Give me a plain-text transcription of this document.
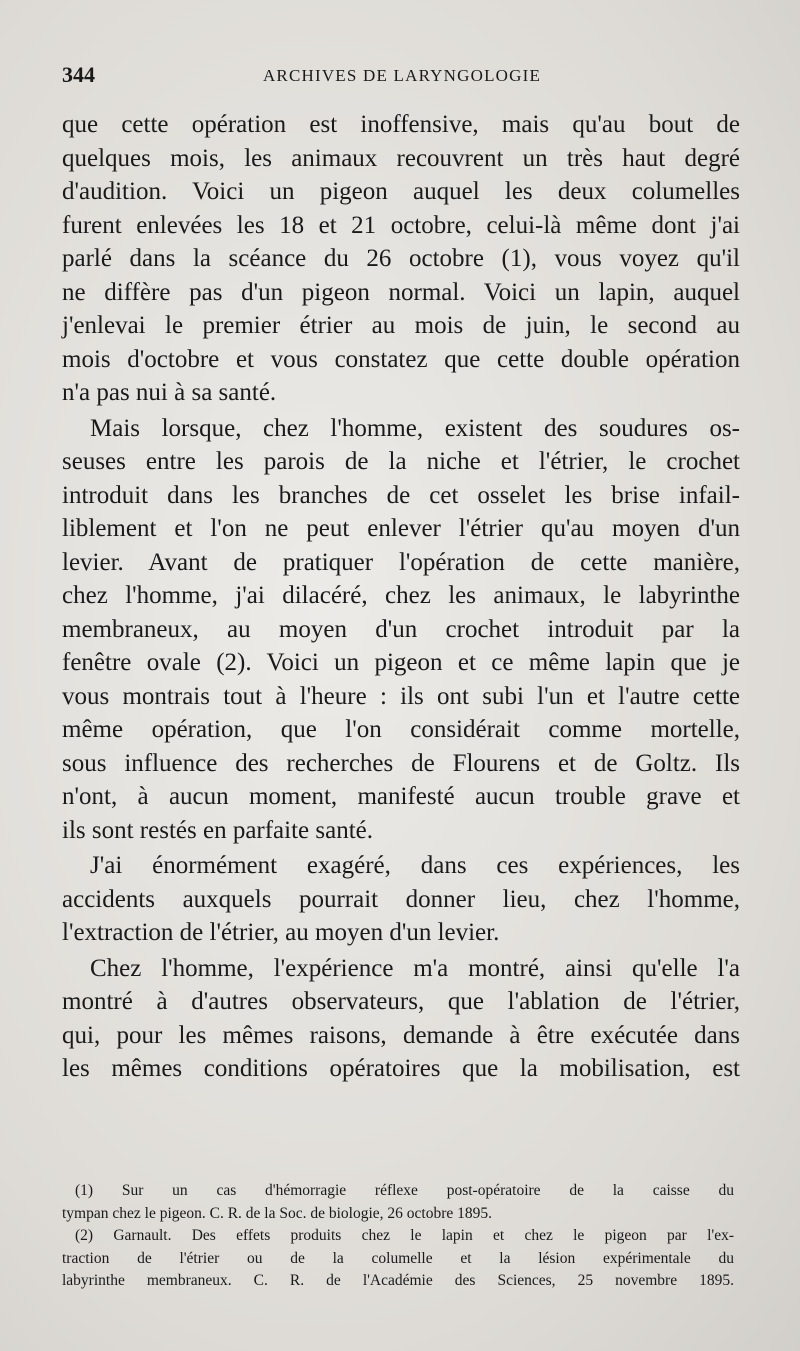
344	ARCHIVES DE LARYNGOLOGIE
que cette opération est inoffensive, mais qu'au bout de
quelques mois, les animaux recouvrent un très haut degré
d'audition. Voici un pigeon auquel les deux columelles
furent enlevées les 18 et 21 octobre, celui-là même dont j'ai
parlé dans la scéance du 26 octobre (1), vous voyez qu'il
ne diffère pas d'un pigeon normal. Voici un lapin, auquel
j'enlevai le premier étrier au mois de juin, le second au
mois d'octobre et vous constatez que cette double opération
n'a pas nui à sa santé.
Mais lorsque, chez l'homme, existent des soudures os-
seuses entre les parois de la niche et l'étrier, le crochet
introduit dans les branches de cet osselet les brise infail-
liblement et l'on ne peut enlever l'étrier qu'au moyen d'un
levier. Avant de pratiquer l'opération de cette manière,
chez l'homme, j'ai dilacéré, chez les animaux, le labyrinthe
membraneux, au moyen d'un crochet introduit par la
fenêtre ovale (2). Voici un pigeon et ce même lapin que je
vous montrais tout à l'heure : ils ont subi l'un et l'autre cette
même opération, que l'on considérait comme mortelle,
sous influence des recherches de Flourens et de Goltz. Ils
n'ont, à aucun moment, manifesté aucun trouble grave et
ils sont restés en parfaite santé.
J'ai énormément exagéré, dans ces expériences, les
accidents auxquels pourrait donner lieu, chez l'homme,
l'extraction de l'étrier, au moyen d'un levier.
Chez l'homme, l'expérience m'a montré, ainsi qu'elle l'a
montré à d'autres observateurs, que l'ablation de l'étrier,
qui, pour les mêmes raisons, demande à être exécutée dans
les mêmes conditions opératoires que la mobilisation, est
(1) Sur un cas d'hémorragie réflexe post-opératoire de la caisse du
tympan chez le pigeon. C. R. de la Soc. de biologie, 26 octobre 1895.
(2) Garnault. Des effets produits chez le lapin et chez le pigeon par l'ex-
traction de l'étrier ou de la columelle et la lésion expérimentale du
labyrinthe membraneux. C. R. de l'Académie des Sciences, 25 novembre 1895.
